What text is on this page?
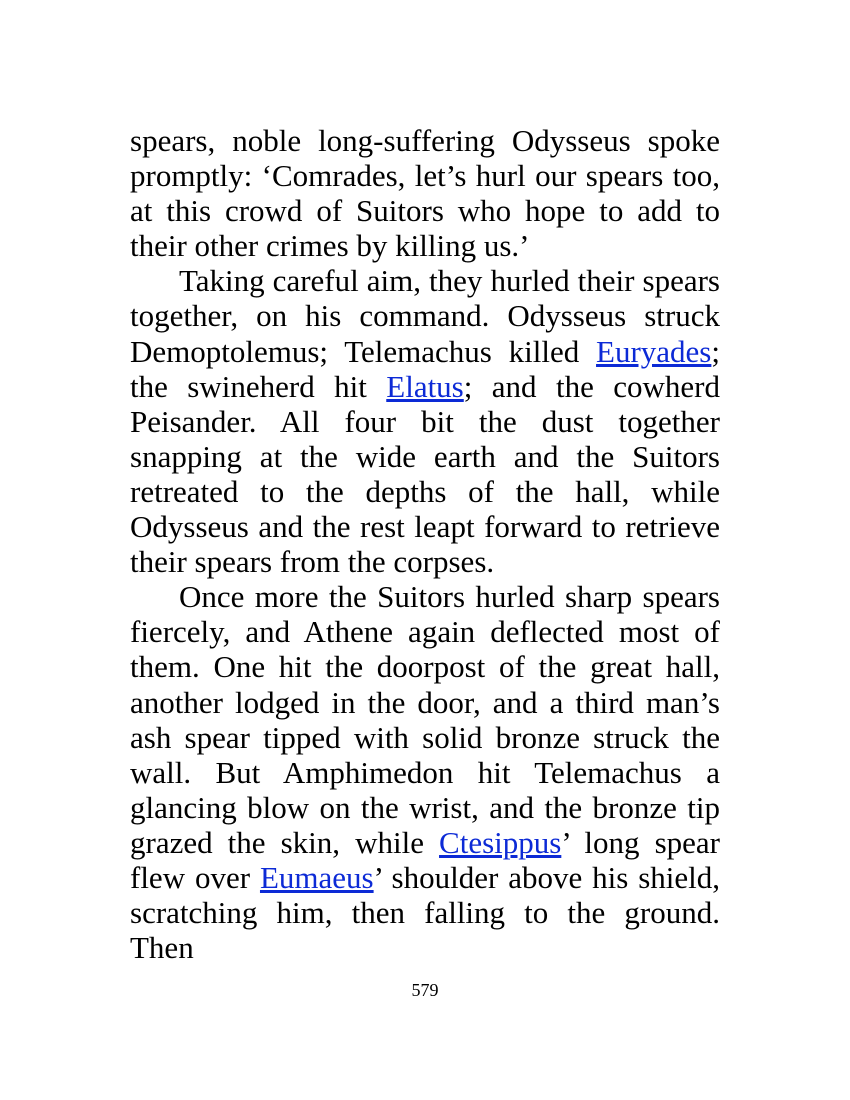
spears, noble long-suffering Odysseus spoke promptly: ‘Comrades, let’s hurl our spears too, at this crowd of Suitors who hope to add to their other crimes by killing us.’

Taking careful aim, they hurled their spears together, on his command. Odysseus struck Demoptolemus; Telemachus killed Euryades; the swineherd hit Elatus; and the cowherd Peisander. All four bit the dust together snapping at the wide earth and the Suitors retreated to the depths of the hall, while Odysseus and the rest leapt forward to retrieve their spears from the corpses.

Once more the Suitors hurled sharp spears fiercely, and Athene again deflected most of them. One hit the doorpost of the great hall, another lodged in the door, and a third man’s ash spear tipped with solid bronze struck the wall. But Amphimedon hit Telemachus a glancing blow on the wrist, and the bronze tip grazed the skin, while Ctesippus’ long spear flew over Eumaeus’ shoulder above his shield, scratching him, then falling to the ground. Then

579
